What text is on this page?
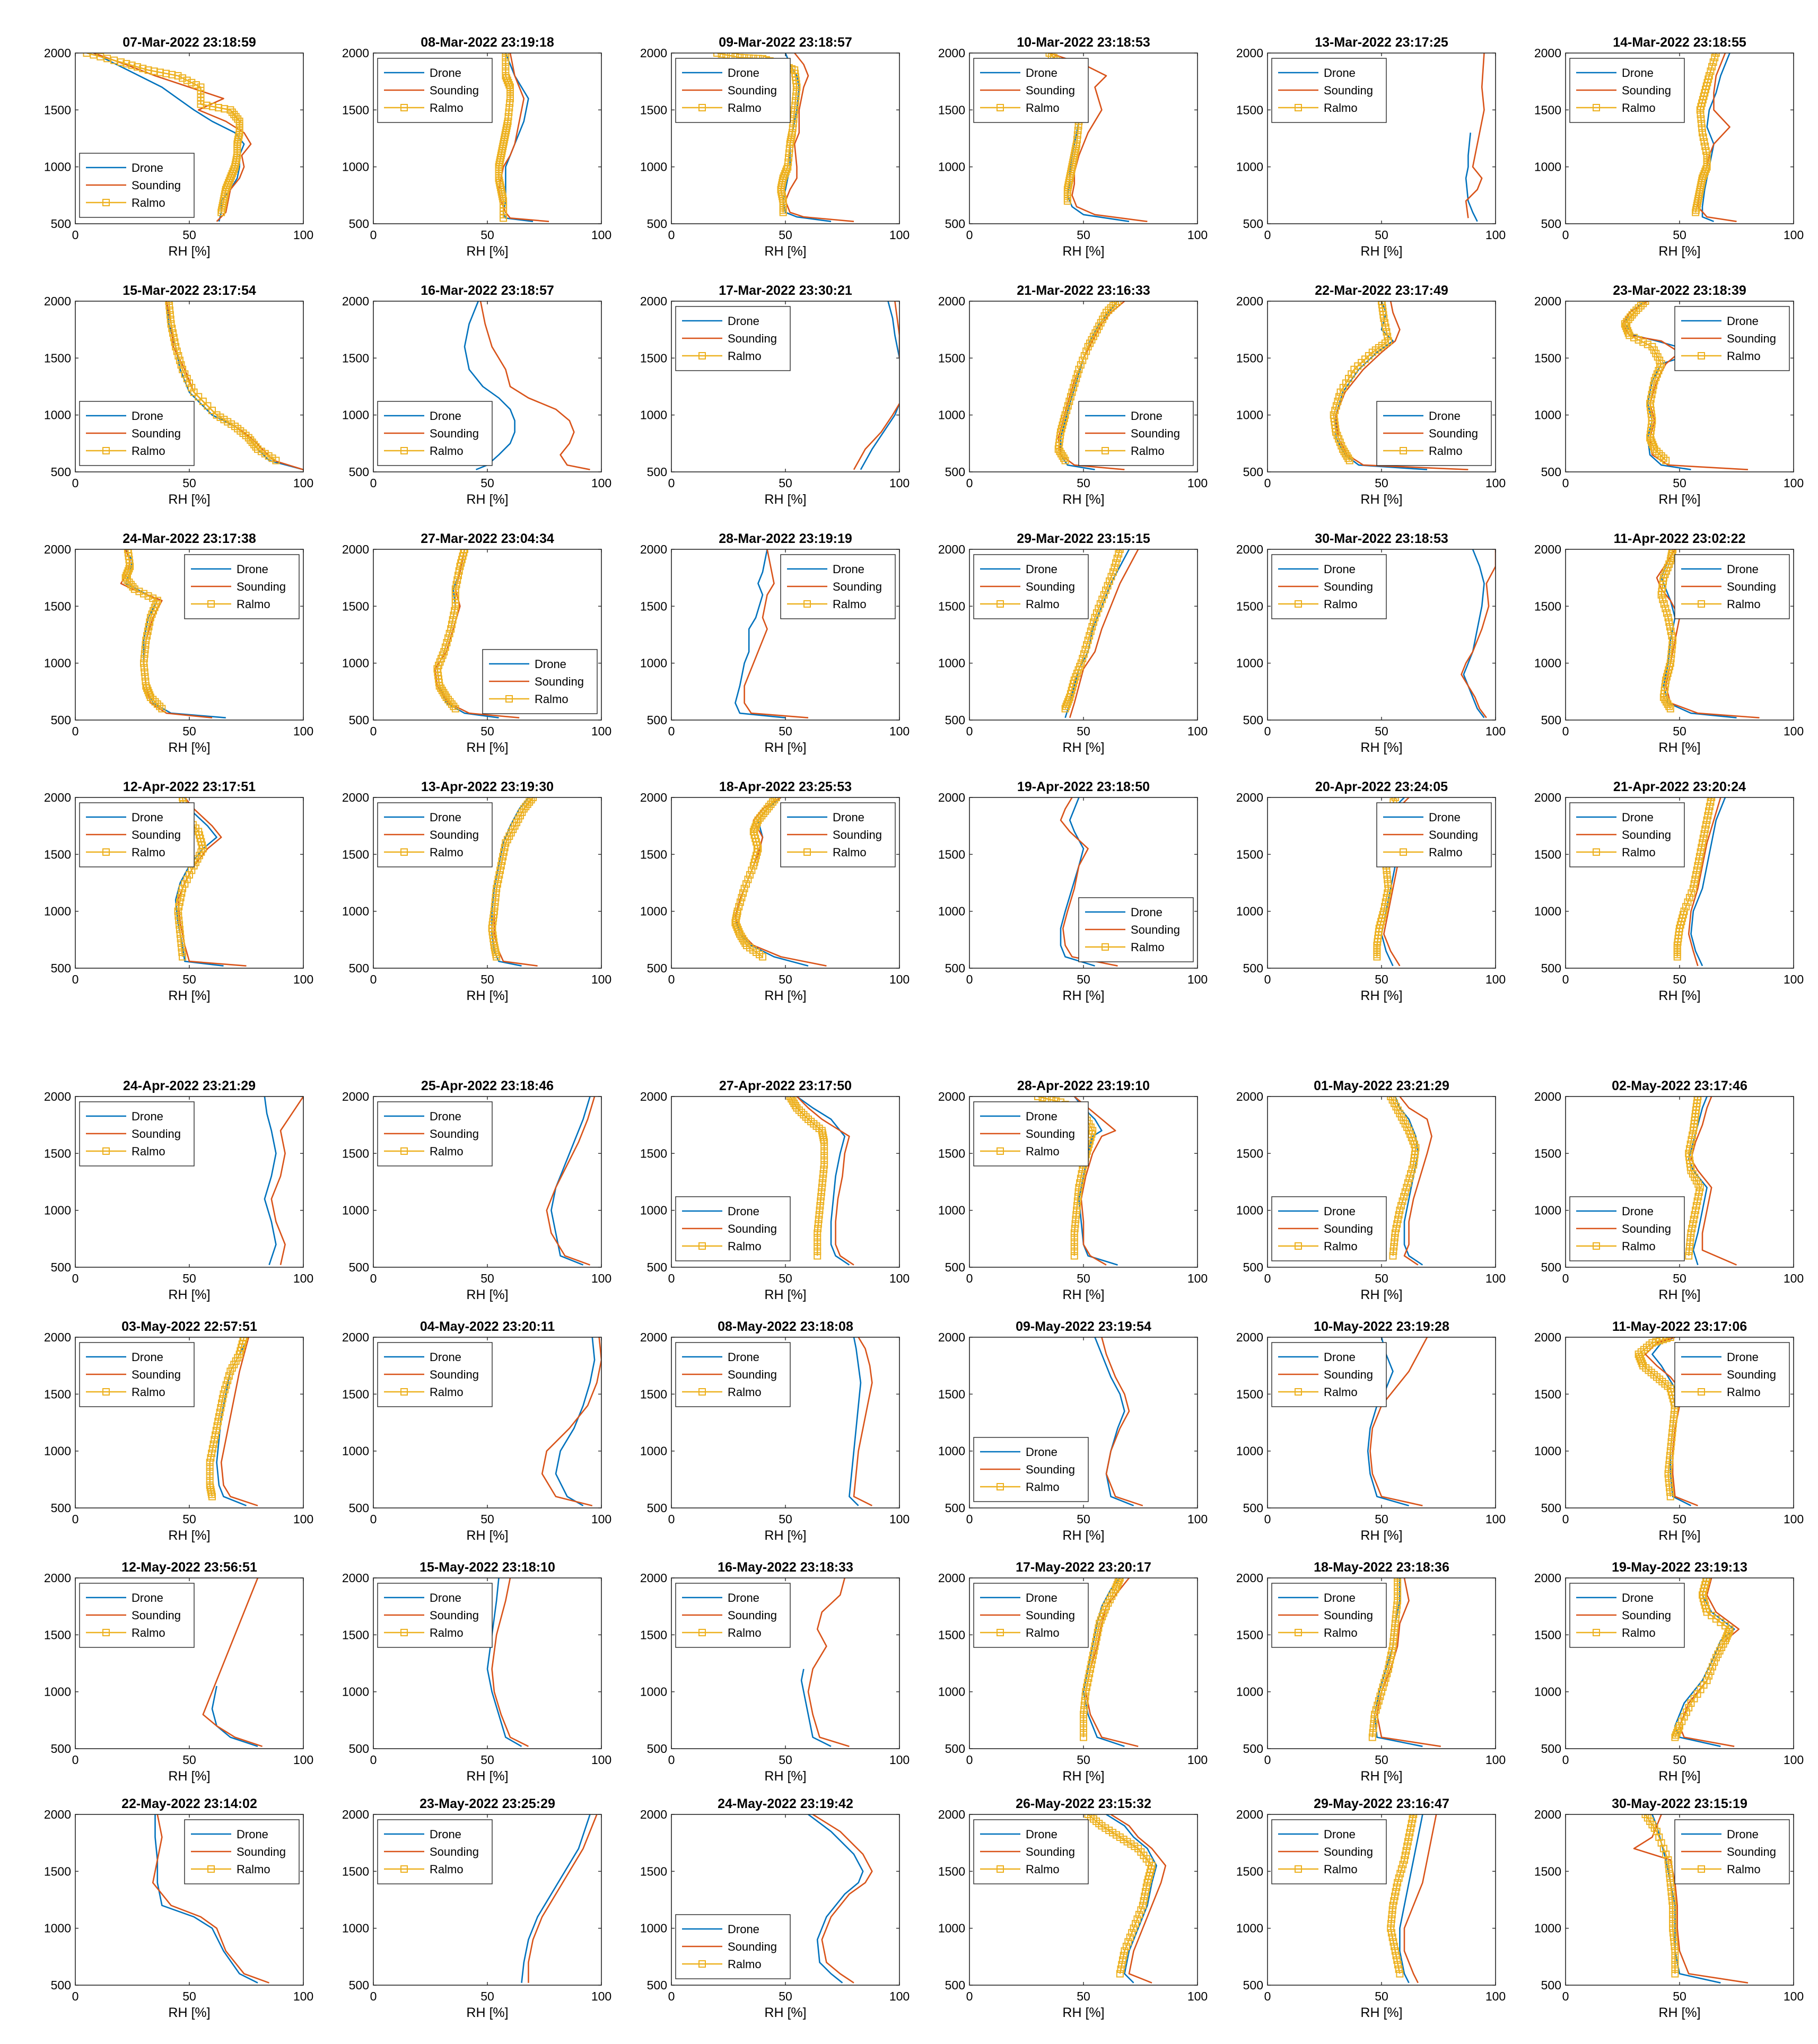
07-Mar-2022 23:18:59
0	50	100
500
1000
1500
2000
RH [%]
Drone
Sounding
Ralmo
08-Mar-2022 23:19:18
0	50	100
500
1000
1500
2000
RH [%]
Drone
Sounding
Ralmo
09-Mar-2022 23:18:57
0	50	100
500
1000
1500
2000
RH [%]
Drone
Sounding
Ralmo
10-Mar-2022 23:18:53
0	50	100
500
1000
1500
2000
RH [%]
Drone
Sounding
Ralmo
13-Mar-2022 23:17:25
0	50	100
500
1000
1500
2000
RH [%]
Drone
Sounding
Ralmo
14-Mar-2022 23:18:55
0	50	100
500
1000
1500
2000
RH [%]
Drone
Sounding
Ralmo
15-Mar-2022 23:17:54
0	50	100
500
1000
1500
2000
RH [%]
Drone
Sounding
Ralmo
16-Mar-2022 23:18:57
0	50	100
500
1000
1500
2000
RH [%]
Drone
Sounding
Ralmo
17-Mar-2022 23:30:21
0	50	100
500
1000
1500
2000
RH [%]
Drone
Sounding
Ralmo
21-Mar-2022 23:16:33
0	50	100
500
1000
1500
2000
RH [%]
Drone
Sounding
Ralmo
22-Mar-2022 23:17:49
0	50	100
500
1000
1500
2000
RH [%]
Drone
Sounding
Ralmo
23-Mar-2022 23:18:39
0	50	100
500
1000
1500
2000
RH [%]
Drone
Sounding
Ralmo
24-Mar-2022 23:17:38
0	50	100
500
1000
1500
2000
RH [%]
Drone
Sounding
Ralmo
27-Mar-2022 23:04:34
0	50	100
500
1000
1500
2000
RH [%]
Drone
Sounding
Ralmo
28-Mar-2022 23:19:19
0	50	100
500
1000
1500
2000
RH [%]
Drone
Sounding
Ralmo
29-Mar-2022 23:15:15
0	50	100
500
1000
1500
2000
RH [%]
Drone
Sounding
Ralmo
30-Mar-2022 23:18:53
0	50	100
500
1000
1500
2000
RH [%]
Drone
Sounding
Ralmo
11-Apr-2022 23:02:22
0	50	100
500
1000
1500
2000
RH [%]
Drone
Sounding
Ralmo
12-Apr-2022 23:17:51
0	50	100
500
1000
1500
2000
RH [%]
Drone
Sounding
Ralmo
13-Apr-2022 23:19:30
0	50	100
500
1000
1500
2000
RH [%]
Drone
Sounding
Ralmo
18-Apr-2022 23:25:53
0	50	100
500
1000
1500
2000
RH [%]
Drone
Sounding
Ralmo
19-Apr-2022 23:18:50
0	50	100
500
1000
1500
2000
RH [%]
Drone
Sounding
Ralmo
20-Apr-2022 23:24:05
0	50	100
500
1000
1500
2000
RH [%]
Drone
Sounding
Ralmo
21-Apr-2022 23:20:24
0	50	100
500
1000
1500
2000
RH [%]
Drone
Sounding
Ralmo
24-Apr-2022 23:21:29
0	50	100
500
1000
1500
2000
RH [%]
Drone
Sounding
Ralmo
25-Apr-2022 23:18:46
0	50	100
500
1000
1500
2000
RH [%]
Drone
Sounding
Ralmo
27-Apr-2022 23:17:50
0	50	100
500
1000
1500
2000
RH [%]
Drone
Sounding
Ralmo
28-Apr-2022 23:19:10
0	50	100
500
1000
1500
2000
RH [%]
Drone
Sounding
Ralmo
01-May-2022 23:21:29
0	50	100
500
1000
1500
2000
RH [%]
Drone
Sounding
Ralmo
02-May-2022 23:17:46
0	50	100
500
1000
1500
2000
RH [%]
Drone
Sounding
Ralmo
03-May-2022 22:57:51
0	50	100
500
1000
1500
2000
RH [%]
Drone
Sounding
Ralmo
04-May-2022 23:20:11
0	50	100
500
1000
1500
2000
RH [%]
Drone
Sounding
Ralmo
08-May-2022 23:18:08
0	50	100
500
1000
1500
2000
RH [%]
Drone
Sounding
Ralmo
09-May-2022 23:19:54
0	50	100
500
1000
1500
2000
RH [%]
Drone
Sounding
Ralmo
10-May-2022 23:19:28
0	50	100
500
1000
1500
2000
RH [%]
Drone
Sounding
Ralmo
11-May-2022 23:17:06
0	50	100
500
1000
1500
2000
RH [%]
Drone
Sounding
Ralmo
12-May-2022 23:56:51
0	50	100
500
1000
1500
2000
RH [%]
Drone
Sounding
Ralmo
15-May-2022 23:18:10
0	50	100
500
1000
1500
2000
RH [%]
Drone
Sounding
Ralmo
16-May-2022 23:18:33
0	50	100
500
1000
1500
2000
RH [%]
Drone
Sounding
Ralmo
17-May-2022 23:20:17
0	50	100
500
1000
1500
2000
RH [%]
Drone
Sounding
Ralmo
18-May-2022 23:18:36
0	50	100
500
1000
1500
2000
RH [%]
Drone
Sounding
Ralmo
19-May-2022 23:19:13
0	50	100
500
1000
1500
2000
RH [%]
Drone
Sounding
Ralmo
22-May-2022 23:14:02
0	50	100
500
1000
1500
2000
RH [%]
Drone
Sounding
Ralmo
23-May-2022 23:25:29
0	50	100
500
1000
1500
2000
RH [%]
Drone
Sounding
Ralmo
24-May-2022 23:19:42
0	50	100
500
1000
1500
2000
RH [%]
Drone
Sounding
Ralmo
26-May-2022 23:15:32
0	50	100
500
1000
1500
2000
RH [%]
Drone
Sounding
Ralmo
29-May-2022 23:16:47
0	50	100
500
1000
1500
2000
RH [%]
Drone
Sounding
Ralmo
30-May-2022 23:15:19
0	50	100
500
1000
1500
2000
RH [%]
Drone
Sounding
Ralmo
